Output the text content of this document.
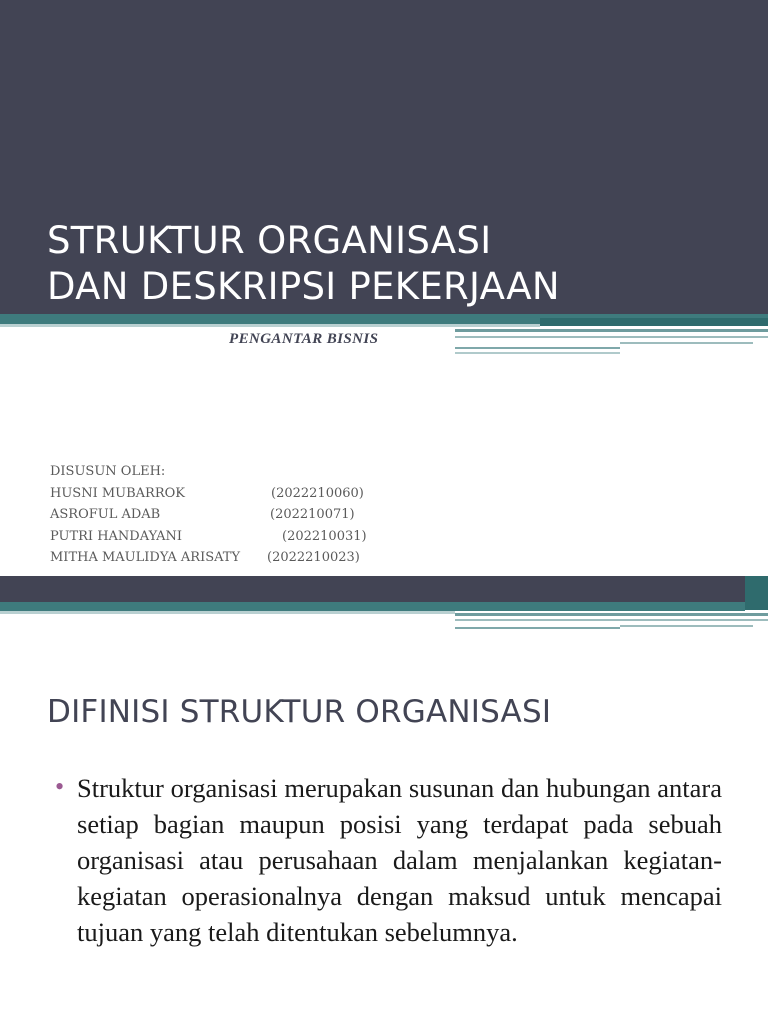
STRUKTUR ORGANISASI
DAN DESKRIPSI PEKERJAAN
PENGANTAR BISNIS
DISUSUN OLEH:
HUSNI MUBARROK	(2022210060)
ASROFUL ADAB	(202210071)
PUTRI HANDAYANI	(202210031)
MITHA MAULIDYA ARISATY	(2022210023)
DIFINISI STRUKTUR ORGANISASI
• Struktur organisasi merupakan susunan dan hubungan antara setiap bagian maupun posisi yang terdapat pada sebuah organisasi atau perusahaan dalam menjalankan kegiatan-kegiatan operasionalnya dengan maksud untuk mencapai tujuan yang telah ditentukan sebelumnya.
